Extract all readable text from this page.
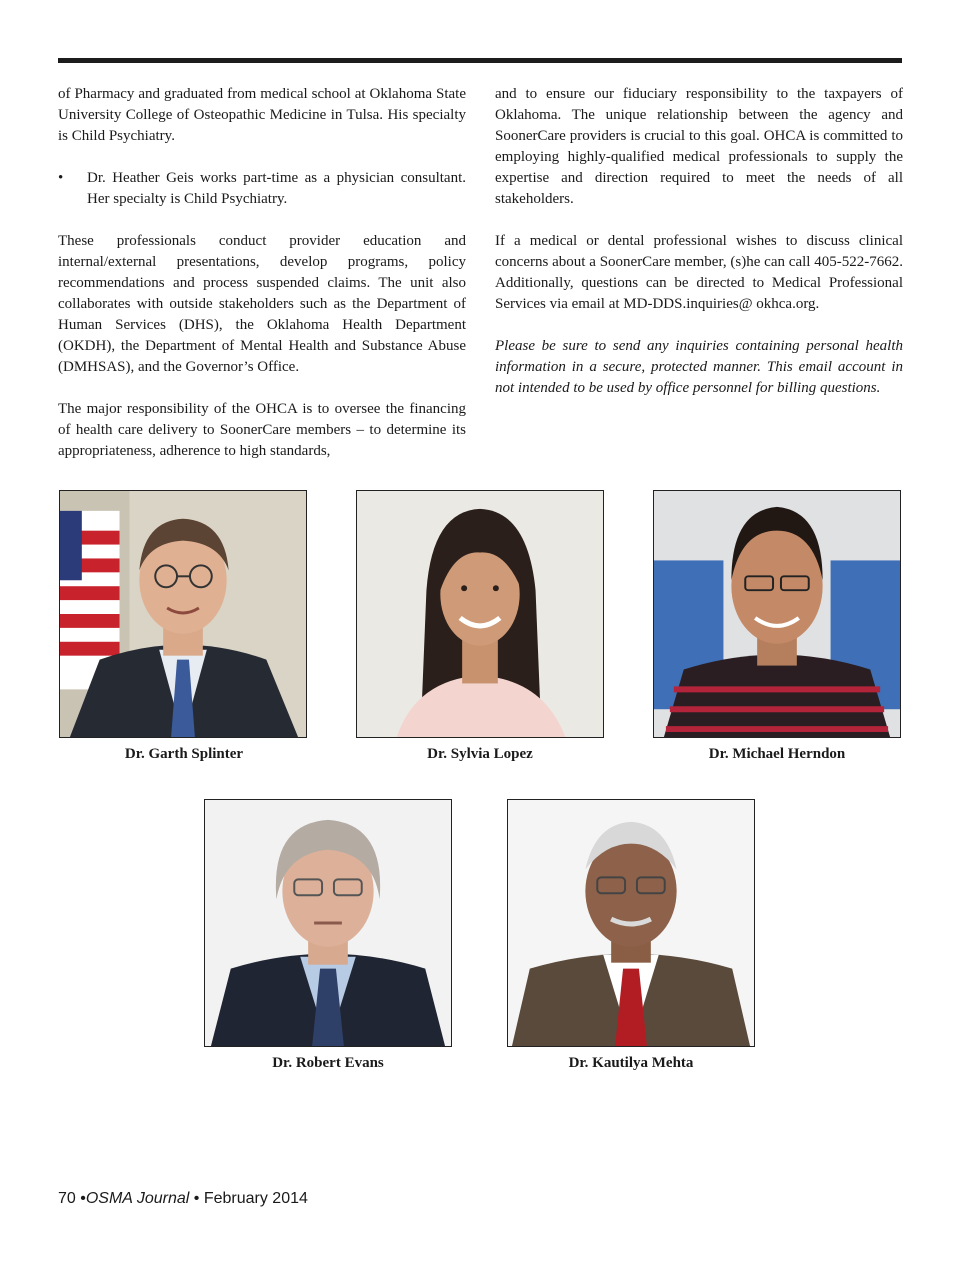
of Pharmacy and graduated from medical school at Oklahoma State University College of Osteopathic Medicine in Tulsa. His specialty is Child Psychiatry.

• Dr. Heather Geis works part-time as a physician consultant. Her specialty is Child Psychiatry.

These professionals conduct provider education and internal/external presentations, develop programs, policy recommendations and process suspended claims. The unit also collaborates with outside stakeholders such as the Department of Human Services (DHS), the Oklahoma Health Department (OKDH), the Department of Mental Health and Substance Abuse (DMHSAS), and the Governor’s Office.

The major responsibility of the OHCA is to oversee the financing of health care delivery to SoonerCare members – to determine its appropriateness, adherence to high standards,

and to ensure our fiduciary responsibility to the taxpayers of Oklahoma. The unique relationship between the agency and SoonerCare providers is crucial to this goal. OHCA is committed to employing highly-qualified medical professionals to supply the expertise and direction required to meet the needs of all stakeholders.

If a medical or dental professional wishes to discuss clinical concerns about a SoonerCare member, (s)he can call 405-522-7662. Additionally, questions can be directed to Medical Professional Services via email at MD-DDS.inquiries@ okhca.org.

Please be sure to send any inquiries containing personal health information in a secure, protected manner. This email account in not intended to be used by office personnel for billing questions.

Dr. Garth Splinter	Dr. Sylvia Lopez	Dr. Michael Herndon
Dr. Robert Evans	Dr. Kautilya Mehta
70 •OSMA Journal • February 2014
